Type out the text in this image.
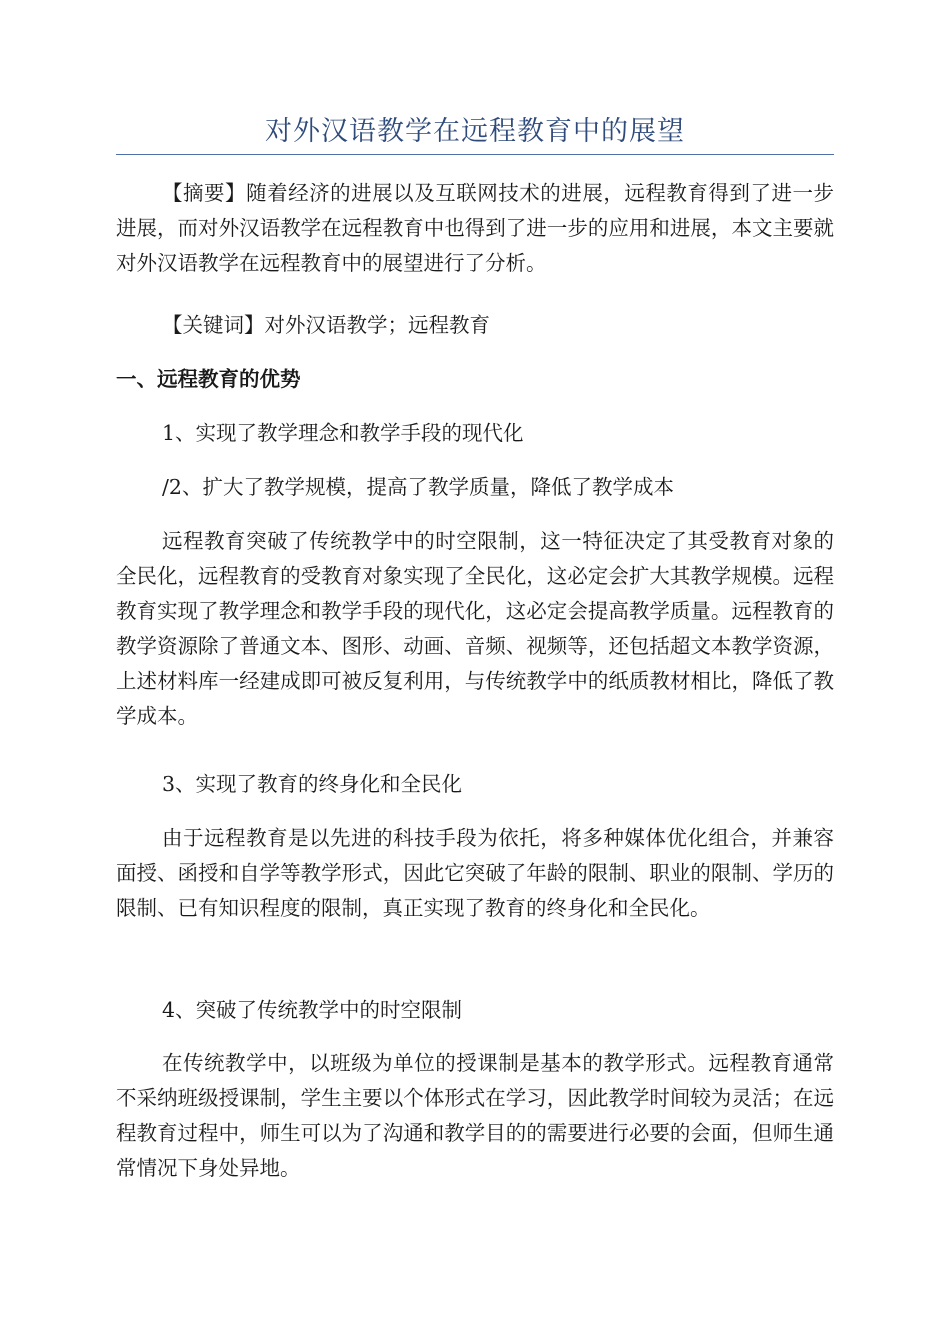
对外汉语教学在远程教育中的展望
【摘要】随着经济的进展以及互联网技术的进展，远程教育得到了进一步进展，而对外汉语教学在远程教育中也得到了进一步的应用和进展，本文主要就对外汉语教学在远程教育中的展望进行了分析。
【关键词】对外汉语教学；远程教育
一、远程教育的优势
1、实现了教学理念和教学手段的现代化
/2、扩大了教学规模，提高了教学质量，降低了教学成本
远程教育突破了传统教学中的时空限制，这一特征决定了其受教育对象的全民化，远程教育的受教育对象实现了全民化，这必定会扩大其教学规模。远程教育实现了教学理念和教学手段的现代化，这必定会提高教学质量。远程教育的教学资源除了普通文本、图形、动画、音频、视频等，还包括超文本教学资源，上述材料库一经建成即可被反复利用，与传统教学中的纸质教材相比，降低了教学成本。
3、实现了教育的终身化和全民化
由于远程教育是以先进的科技手段为依托，将多种媒体优化组合，并兼容面授、函授和自学等教学形式，因此它突破了年龄的限制、职业的限制、学历的限制、已有知识程度的限制，真正实现了教育的终身化和全民化。
4、突破了传统教学中的时空限制
在传统教学中，以班级为单位的授课制是基本的教学形式。远程教育通常不采纳班级授课制，学生主要以个体形式在学习，因此教学时间较为灵活；在远程教育过程中，师生可以为了沟通和教学目的的需要进行必要的会面，但师生通常情况下身处异地。
